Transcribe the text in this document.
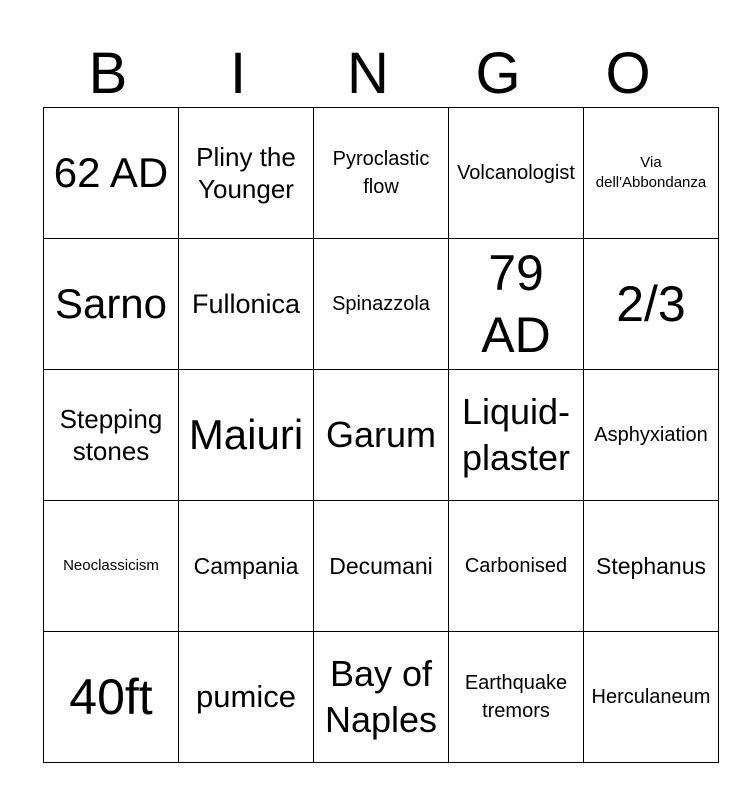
B	I	N	G	O
62 AD	Pliny the Younger	Pyroclastic flow	Volcanologist	Via dell'Abbondanza
Sarno	Fullonica	Spinazzola	79 AD	2/3
Stepping stones	Maiuri	Garum	Liquid-plaster	Asphyxiation
Neoclassicism	Campania	Decumani	Carbonised	Stephanus
40ft	pumice	Bay of Naples	Earthquake tremors	Herculaneum
